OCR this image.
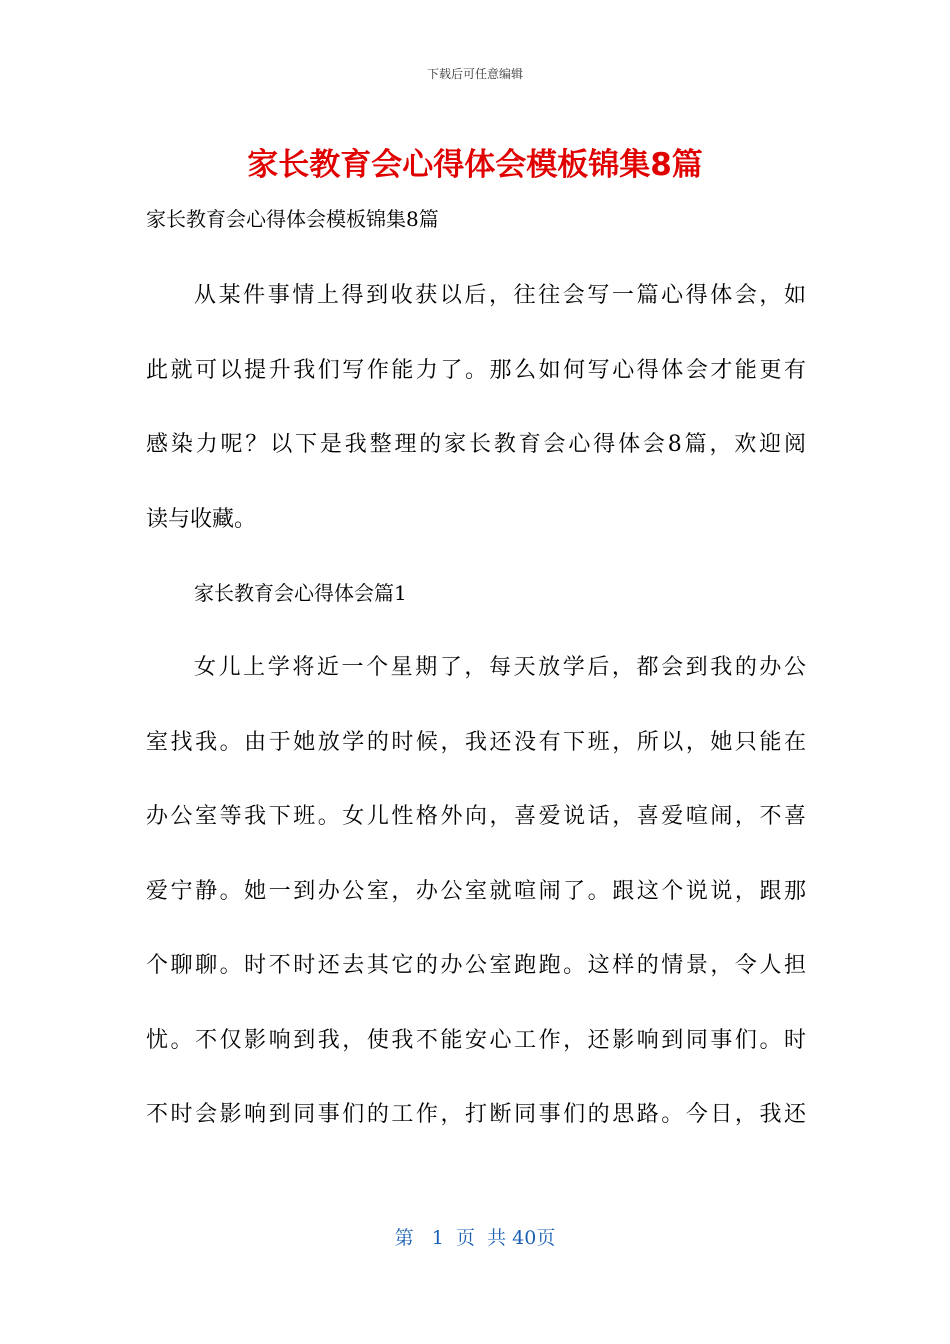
下载后可任意编辑
家长教育会心得体会模板锦集8篇
家长教育会心得体会模板锦集8篇
从某件事情上得到收获以后，往往会写一篇心得体会，如
此就可以提升我们写作能力了。那么如何写心得体会才能更有
感染力呢？以下是我整理的家长教育会心得体会8篇，欢迎阅
读与收藏。
家长教育会心得体会篇1
女儿上学将近一个星期了，每天放学后，都会到我的办公
室找我。由于她放学的时候，我还没有下班，所以，她只能在
办公室等我下班。女儿性格外向，喜爱说话，喜爱喧闹，不喜
爱宁静。她一到办公室，办公室就喧闹了。跟这个说说，跟那
个聊聊。时不时还去其它的办公室跑跑。这样的情景，令人担
忧。不仅影响到我，使我不能安心工作，还影响到同事们。时
不时会影响到同事们的工作，打断同事们的思路。今日，我还
第 1 页  共 40页
